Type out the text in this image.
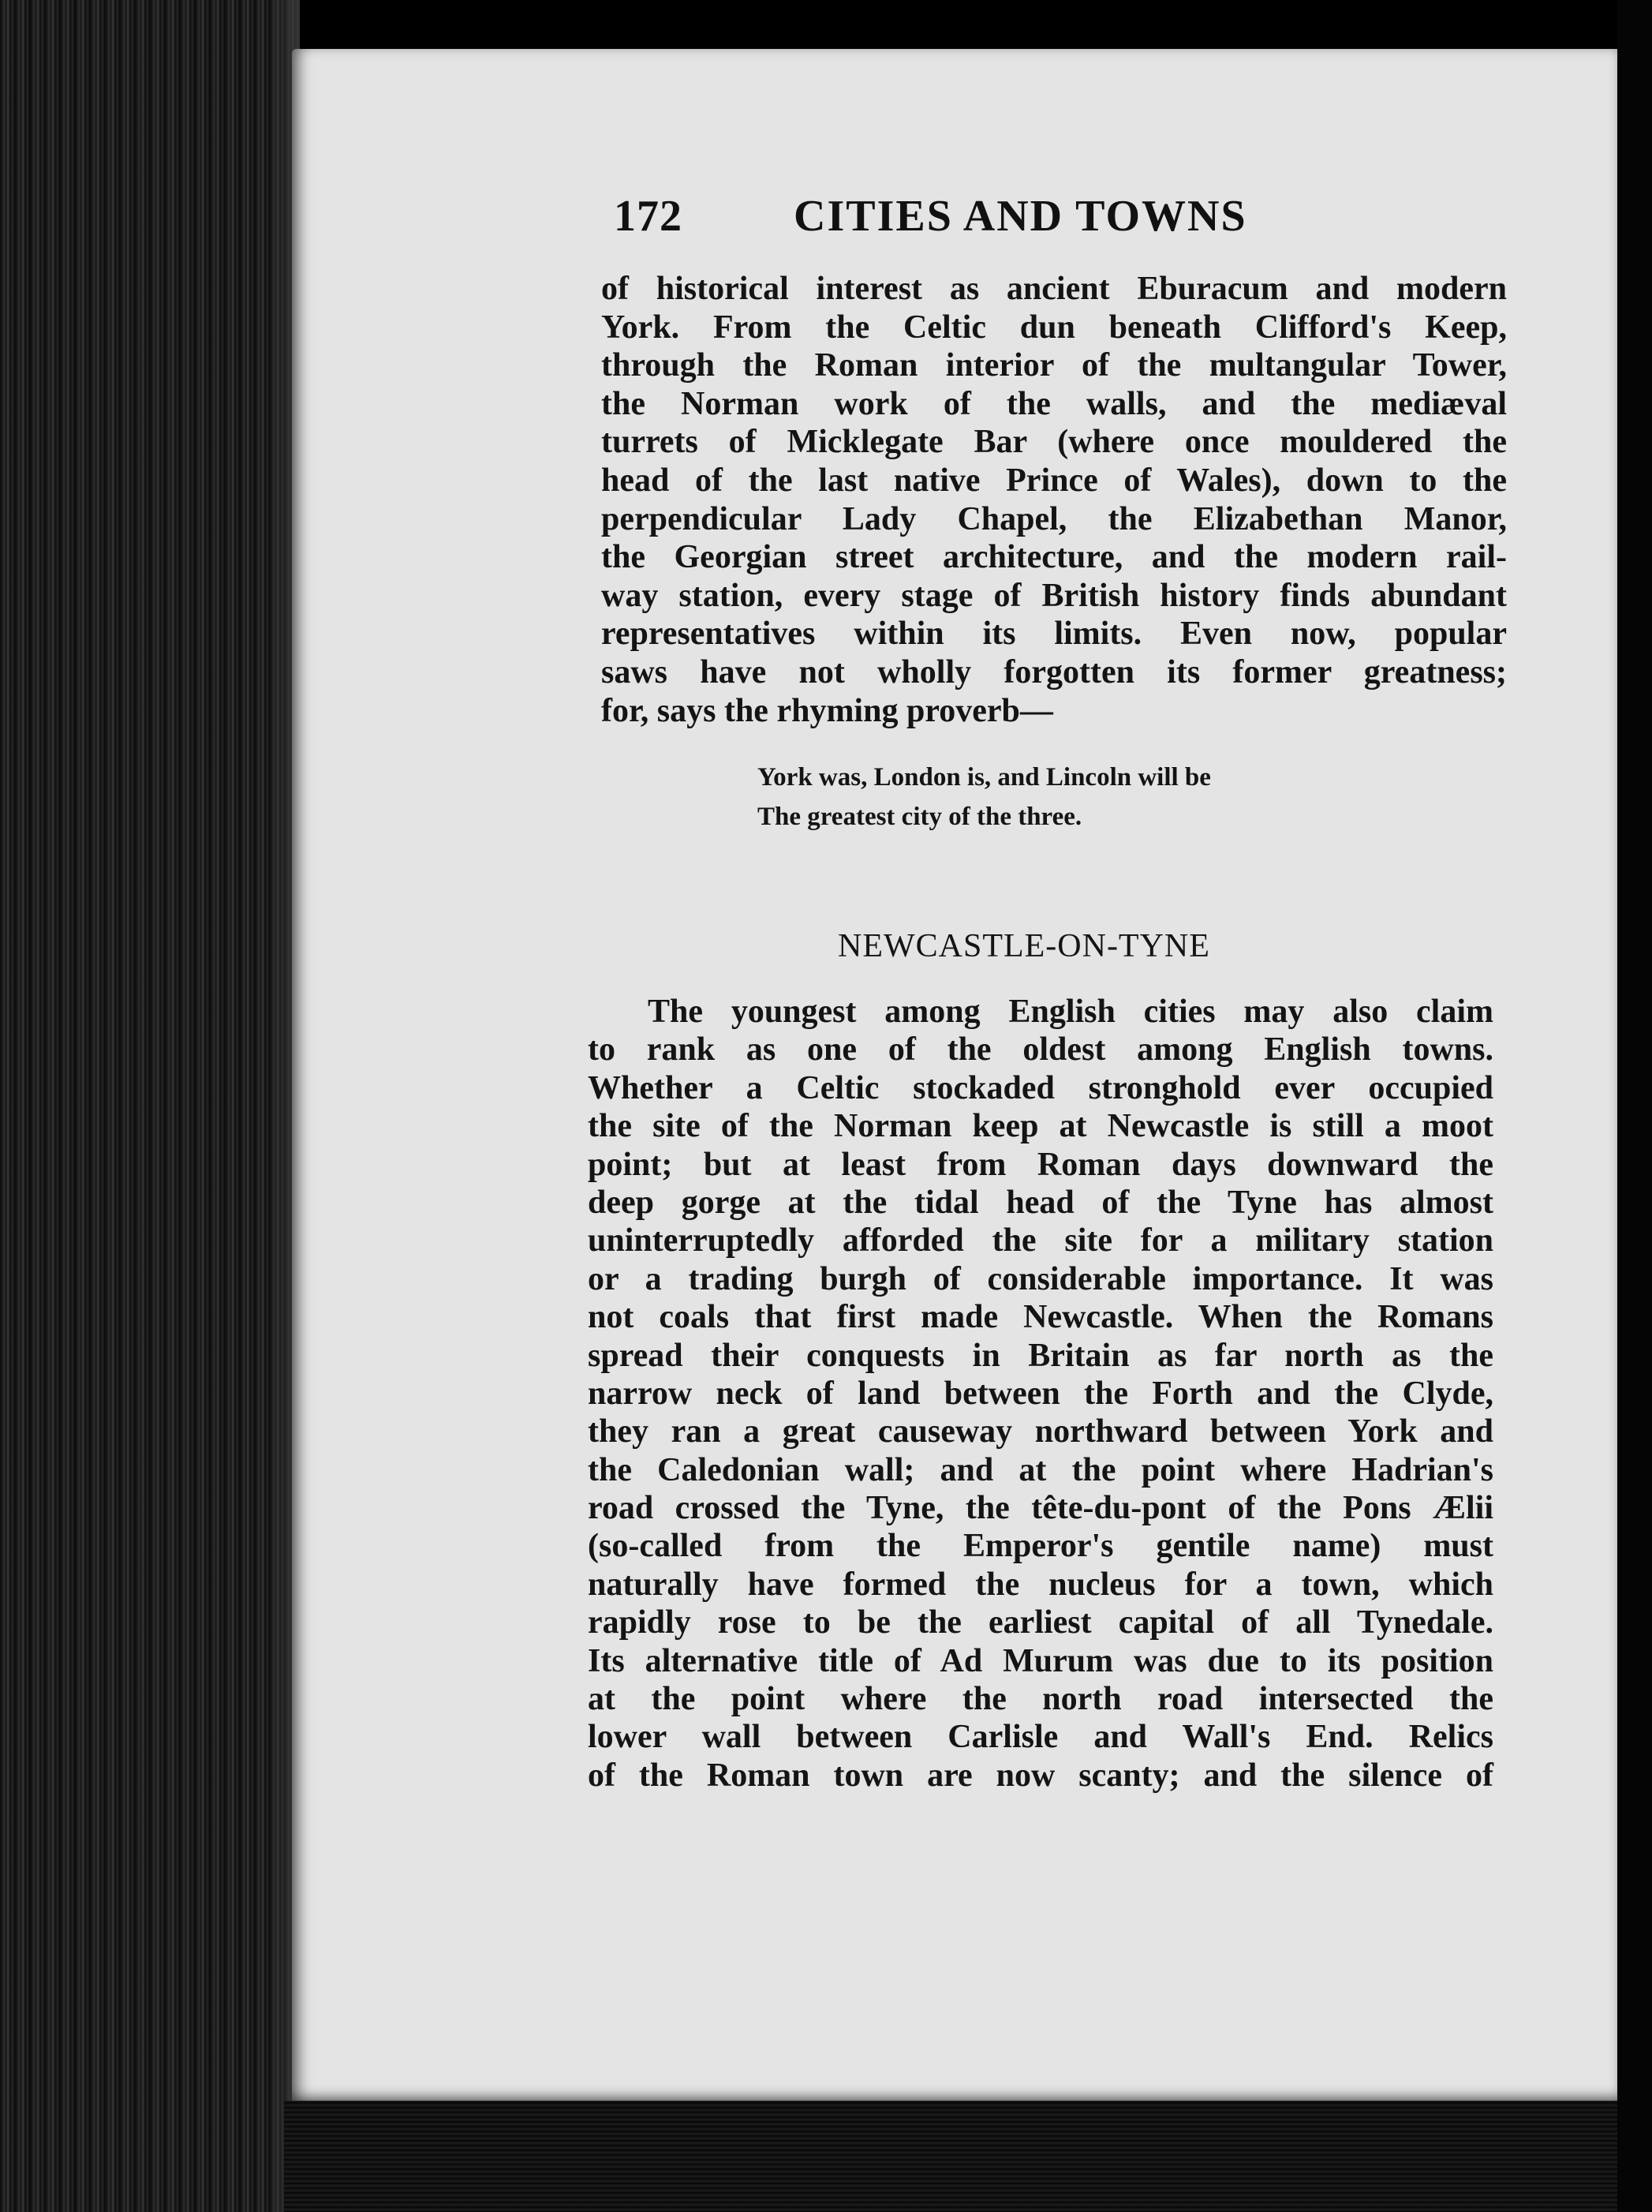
172	CITIES AND TOWNS
of historical interest as ancient Eburacum and modern
York. From the Celtic dun beneath Clifford's Keep,
through the Roman interior of the multangular Tower,
the Norman work of the walls, and the mediæval
turrets of Micklegate Bar (where once mouldered the
head of the last native Prince of Wales), down to the
perpendicular Lady Chapel, the Elizabethan Manor,
the Georgian street architecture, and the modern rail-
way station, every stage of British history finds abundant
representatives within its limits. Even now, popular
saws have not wholly forgotten its former greatness;
for, says the rhyming proverb—
York was, London is, and Lincoln will be
The greatest city of the three.
NEWCASTLE-ON-TYNE
The youngest among English cities may also claim
to rank as one of the oldest among English towns.
Whether a Celtic stockaded stronghold ever occupied
the site of the Norman keep at Newcastle is still a moot
point; but at least from Roman days downward the
deep gorge at the tidal head of the Tyne has almost
uninterruptedly afforded the site for a military station
or a trading burgh of considerable importance. It was
not coals that first made Newcastle. When the Romans
spread their conquests in Britain as far north as the
narrow neck of land between the Forth and the Clyde,
they ran a great causeway northward between York and
the Caledonian wall; and at the point where Hadrian's
road crossed the Tyne, the tête-du-pont of the Pons Ælii
(so-called from the Emperor's gentile name) must
naturally have formed the nucleus for a town, which
rapidly rose to be the earliest capital of all Tynedale.
Its alternative title of Ad Murum was due to its position
at the point where the north road intersected the
lower wall between Carlisle and Wall's End. Relics
of the Roman town are now scanty; and the silence of
